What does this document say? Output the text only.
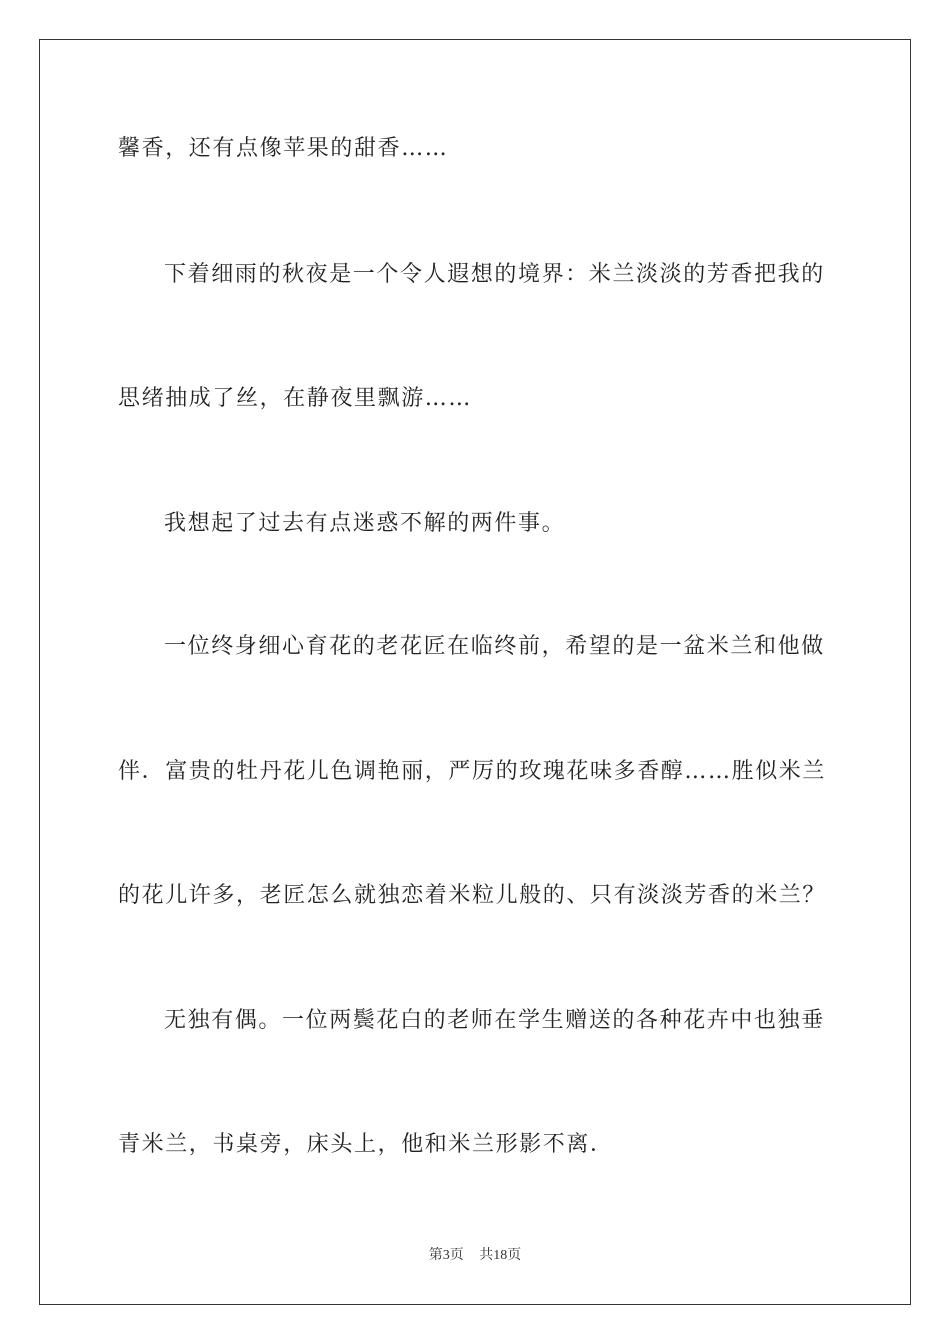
馨香，还有点像苹果的甜香……
下着细雨的秋夜是一个令人遐想的境界：米兰淡淡的芳香把我的
思绪抽成了丝，在静夜里飘游……
我想起了过去有点迷惑不解的两件事。
一位终身细心育花的老花匠在临终前，希望的是一盆米兰和他做
伴．富贵的牡丹花儿色调艳丽，严厉的玫瑰花味多香醇……胜似米兰
的花儿许多，老匠怎么就独恋着米粒儿般的、只有淡淡芳香的米兰？
无独有偶。一位两鬓花白的老师在学生赠送的各种花卉中也独垂
青米兰，书桌旁，床头上，他和米兰形影不离．
第3页 共18页
